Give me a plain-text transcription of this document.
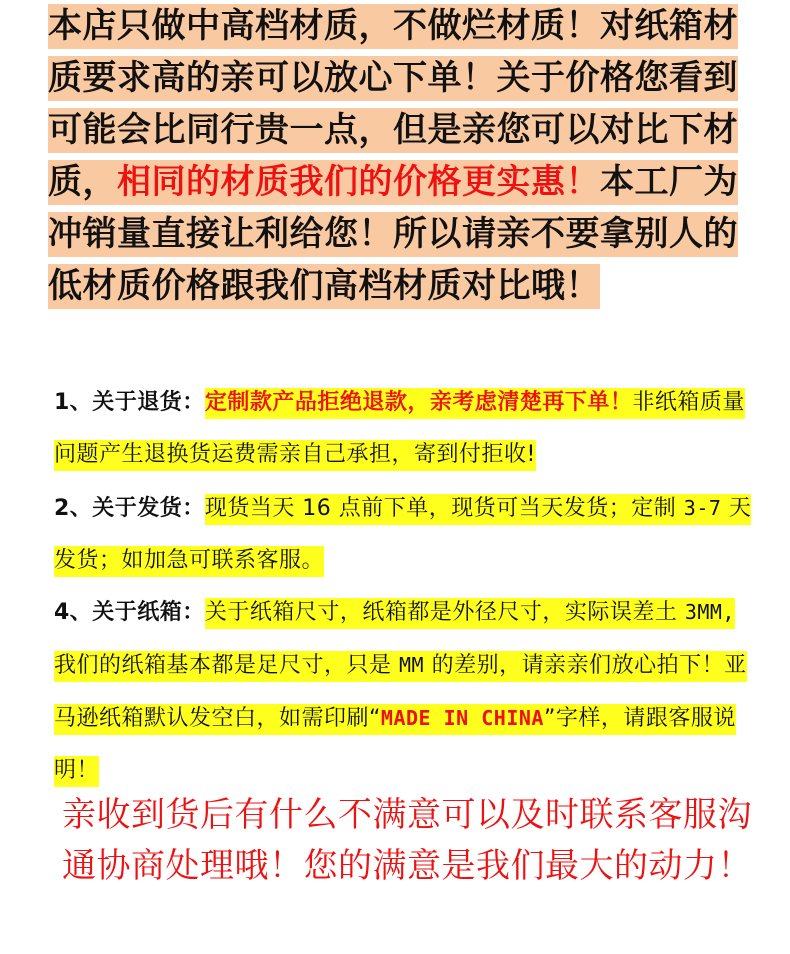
本店只做中高档材质，不做烂材质！对纸箱材质要求高的亲可以放心下单！关于价格您看到可能会比同行贵一点，但是亲您可以对比下材质，相同的材质我们的价格更实惠！本工厂为冲销量直接让利给您！所以请亲不要拿别人的低材质价格跟我们高档材质对比哦！
1、关于退货：定制款产品拒绝退款，亲考虑清楚再下单！非纸箱质量问题产生退换货运费需亲自己承担，寄到付拒收!
2、关于发货：现货当天 16 点前下单，现货可当天发货；定制 3-7 天发货；如加急可联系客服。
4、关于纸箱：关于纸箱尺寸，纸箱都是外径尺寸，实际误差土 3MM,我们的纸箱基本都是足尺寸，只是 MM 的差别，请亲亲们放心拍下！亚马逊纸箱默认发空白，如需印刷“MADE IN CHINA”字样，请跟客服说明！
亲收到货后有什么不满意可以及时联系客服沟通协商处理哦！您的满意是我们最大的动力！
